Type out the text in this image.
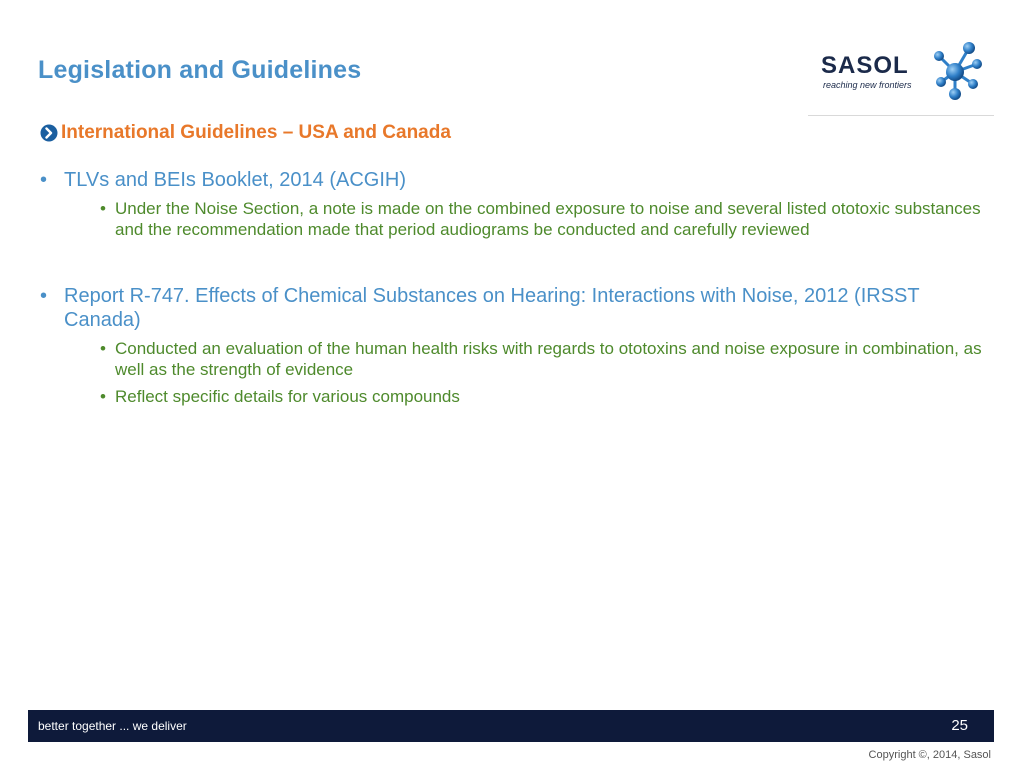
Legislation and Guidelines	SASOL
reaching new frontiers
International Guidelines – USA and Canada
• TLVs and BEIs Booklet, 2014 (ACGIH)
• Under the Noise Section, a note is made on the combined exposure to noise and several listed ototoxic substances and the recommendation made that period audiograms be conducted and carefully reviewed
• Report R-747. Effects of Chemical Substances on Hearing: Interactions with Noise, 2012 (IRSST Canada)
• Conducted an evaluation of the human health risks with regards to ototoxins and noise exposure in combination, as well as the strength of evidence
• Reflect specific details for various compounds
better together ... we deliver	25
Copyright ©, 2014, Sasol
